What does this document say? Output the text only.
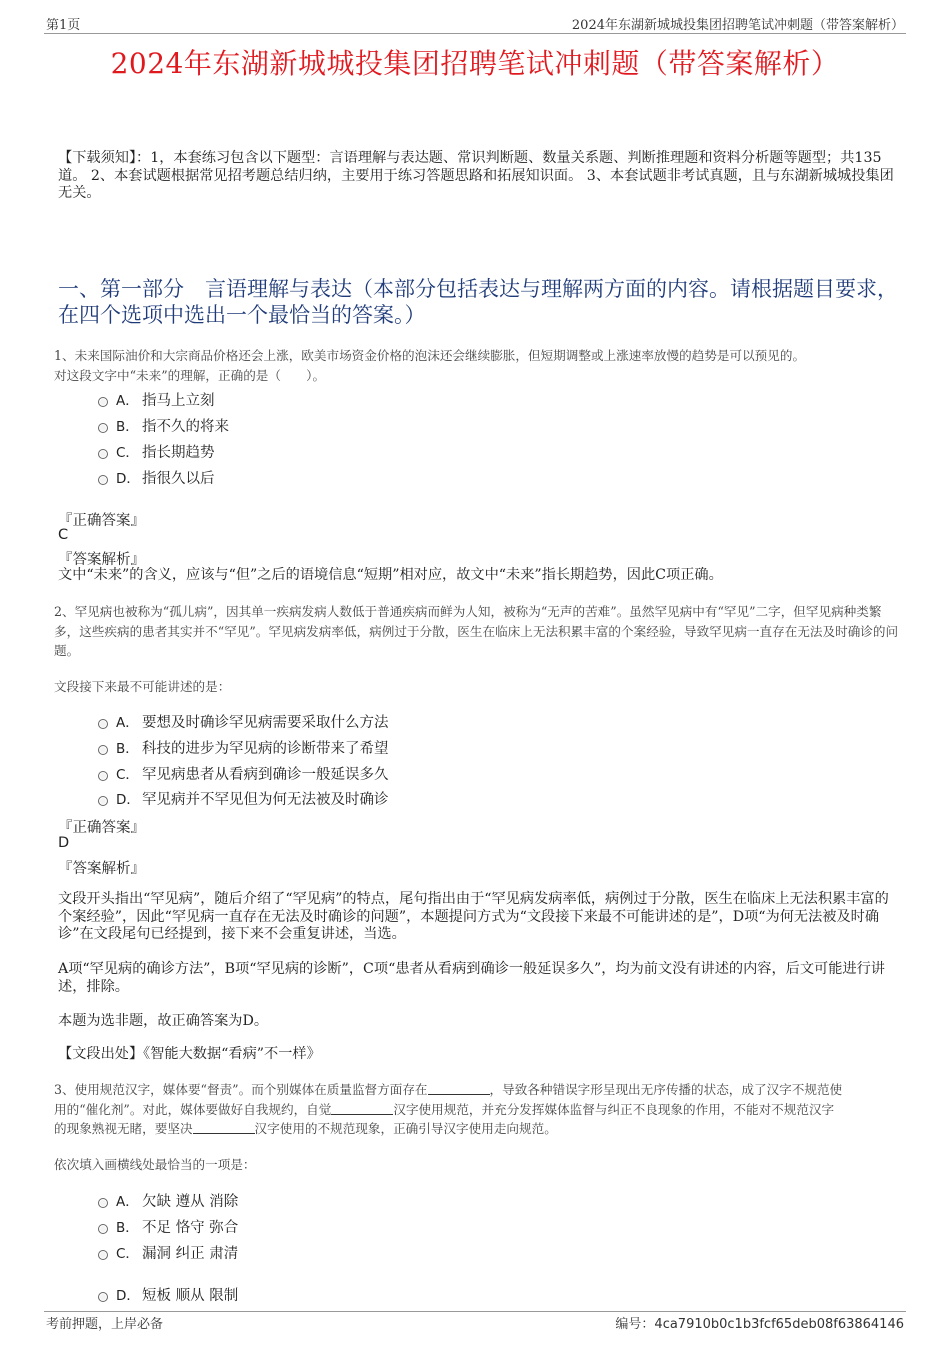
第1页	2024年东湖新城城投集团招聘笔试冲刺题（带答案解析）
2024年东湖新城城投集团招聘笔试冲刺题（带答案解析）
【下载须知】：1，本套练习包含以下题型：言语理解与表达题、常识判断题、数量关系题、判断推理题和资料分析题等题型；共135道。 2、本套试题根据常见招考题总结归纳，主要用于练习答题思路和拓展知识面。 3、本套试题非考试真题，且与东湖新城城投集团无关。
一、第一部分　言语理解与表达（本部分包括表达与理解两方面的内容。请根据题目要求，在四个选项中选出一个最恰当的答案。）
1、未来国际油价和大宗商品价格还会上涨，欧美市场资金价格的泡沫还会继续膨胀，但短期调整或上涨速率放慢的趋势是可以预见的。
对这段文字中“未来”的理解，正确的是（　　）。
A． 指马上立刻
B． 指不久的将来
C． 指长期趋势
D． 指很久以后
『正确答案』
C
『答案解析』
文中“未来”的含义，应该与“但”之后的语境信息“短期”相对应，故文中“未来”指长期趋势，因此C项正确。
2、罕见病也被称为“孤儿病”，因其单一疾病发病人数低于普通疾病而鲜为人知，被称为“无声的苦难”。虽然罕见病中有“罕见”二字，但罕见病种类繁多，这些疾病的患者其实并不“罕见”。罕见病发病率低，病例过于分散，医生在临床上无法积累丰富的个案经验，导致罕见病一直存在无法及时确诊的问题。
文段接下来最不可能讲述的是：
A． 要想及时确诊罕见病需要采取什么方法
B． 科技的进步为罕见病的诊断带来了希望
C． 罕见病患者从看病到确诊一般延误多久
D． 罕见病并不罕见但为何无法被及时确诊
『正确答案』
D
『答案解析』
文段开头指出“罕见病”，随后介绍了“罕见病”的特点，尾句指出由于“罕见病发病率低，病例过于分散，医生在临床上无法积累丰富的个案经验”，因此“罕见病一直存在无法及时确诊的问题”，本题提问方式为“文段接下来最不可能讲述的是”，D项“为何无法被及时确诊”在文段尾句已经提到，接下来不会重复讲述，当选。
A项“罕见病的确诊方法”，B项“罕见病的诊断”，C项“患者从看病到确诊一般延误多久”，均为前文没有讲述的内容，后文可能进行讲述，排除。
本题为选非题，故正确答案为D。
【文段出处】《智能大数据“看病”不一样》
3、使用规范汉字，媒体要“督责”。而个别媒体在质量监督方面存在	，导致各种错误字形呈现出无序传播的状态，成了汉字不规范使
用的“催化剂”。对此，媒体要做好自我规约，自觉	汉字使用规范，并充分发挥媒体监督与纠正不良现象的作用，不能对不规范汉字
的现象熟视无睹，要坚决	汉字使用的不规范现象，正确引导汉字使用走向规范。
依次填入画横线处最恰当的一项是：
A． 欠缺 遵从 消除
B． 不足 恪守 弥合
C． 漏洞 纠正 肃清
D． 短板 顺从 限制
考前押题，上岸必备	编号：4ca7910b0c1b3fcf65deb08f63864146
